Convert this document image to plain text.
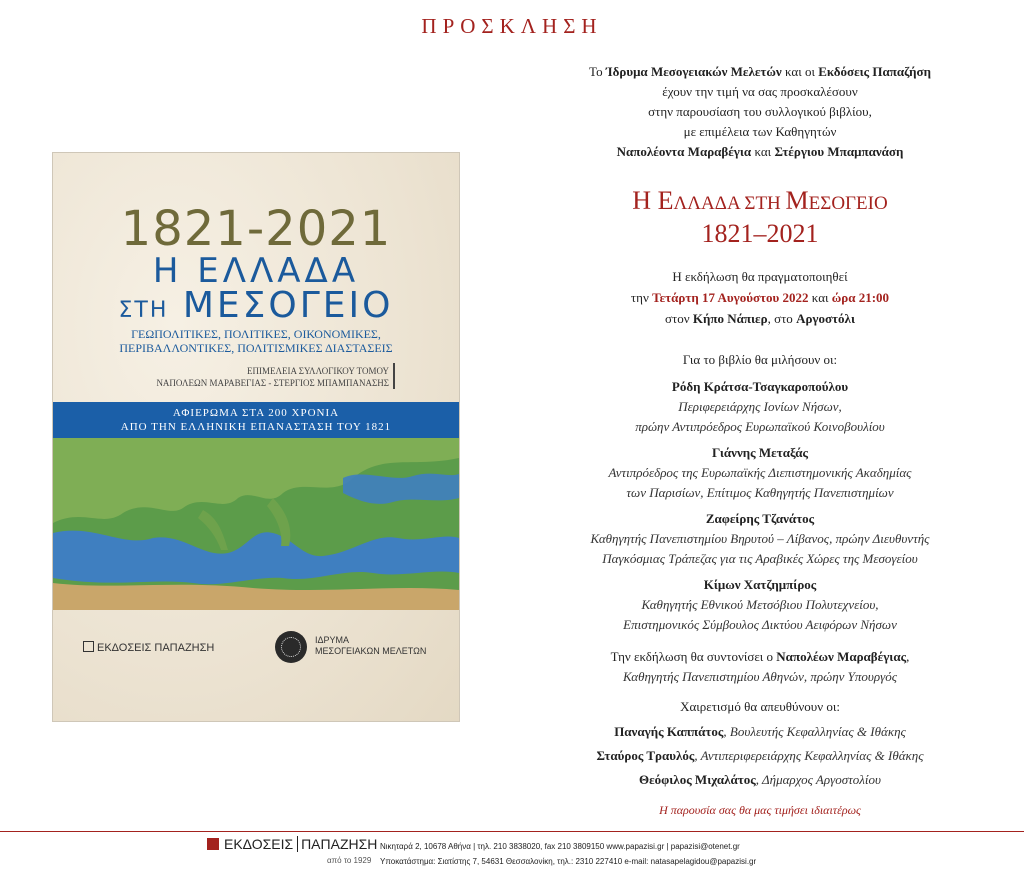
ΠΡΟΣΚΛΗΣΗ
1821-2021
Η ΕΛΛΑΔΑ
ΣΤΗ ΜΕΣΟΓΕΙΟ
ΓΕΩΠΟΛΙΤΙΚΕΣ, ΠΟΛΙΤΙΚΕΣ, ΟΙΚΟΝΟΜΙΚΕΣ,
ΠΕΡΙΒΑΛΛΟΝΤΙΚΕΣ, ΠΟΛΙΤΙΣΜΙΚΕΣ ΔΙΑΣΤΑΣΕΙΣ
ΕΠΙΜΕΛΕΙΑ ΣΥΛΛΟΓΙΚΟΥ ΤΟΜΟΥ
ΝΑΠΟΛΕΩΝ ΜΑΡΑΒΕΓΙΑΣ - ΣΤΕΡΓΙΟΣ ΜΠΑΜΠΑΝΑΣΗΣ
ΑΦΙΕΡΩΜΑ ΣΤΑ 200 ΧΡΟΝΙΑ
ΑΠΟ ΤΗΝ ΕΛΛΗΝΙΚΗ ΕΠΑΝΑΣΤΑΣΗ ΤΟΥ 1821
ΕΚΔΟΣΕΙΣ ΠΑΠΑΖΗΣΗ
ΙΔΡΥΜΑ
ΜΕΣΟΓΕΙΑΚΩΝ ΜΕΛΕΤΩΝ
Το Ίδρυμα Μεσογειακών Μελετών και οι Εκδόσεις Παπαζήση
έχουν την τιμή να σας προσκαλέσουν
στην παρουσίαση του συλλογικού βιβλίου,
με επιμέλεια των Καθηγητών
Ναπολέοντα Μαραβέγια και Στέργιου Μπαμπανάση
Η ΕΛΛΑΔΑ ΣΤΗ ΜΕΣΟΓΕΙΟ
1821–2021
Η εκδήλωση θα πραγματοποιηθεί
την Τετάρτη 17 Αυγούστου 2022 και ώρα 21:00
στον Κήπο Νάπιερ, στο Αργοστόλι
Για το βιβλίο θα μιλήσουν οι:
Ρόδη Κράτσα-Τσαγκαροπούλου
Περιφερειάρχης Ιονίων Νήσων,
πρώην Αντιπρόεδρος Ευρωπαϊκού Κοινοβουλίου
Γιάννης Μεταξάς
Αντιπρόεδρος της Ευρωπαϊκής Διεπιστημονικής Ακαδημίας
των Παρισίων, Επίτιμος Καθηγητής Πανεπιστημίων
Ζαφείρης Τζανάτος
Καθηγητής Πανεπιστημίου Βηρυτού – Λίβανος, πρώην Διευθυντής
Παγκόσμιας Τράπεζας για τις Αραβικές Χώρες της Μεσογείου
Κίμων Χατζημπίρος
Καθηγητής Εθνικού Μετσόβιου Πολυτεχνείου,
Επιστημονικός Σύμβουλος Δικτύου Αειφόρων Νήσων
Την εκδήλωση θα συντονίσει ο Ναπολέων Μαραβέγιας,
Καθηγητής Πανεπιστημίου Αθηνών, πρώην Υπουργός
Χαιρετισμό θα απευθύνουν οι:
Παναγής Καππάτος, Βουλευτής Κεφαλληνίας & Ιθάκης
Σταύρος Τραυλός, Αντιπεριφερειάρχης Κεφαλληνίας & Ιθάκης
Θεόφιλος Μιχαλάτος, Δήμαρχος Αργοστολίου
Η παρουσία σας θα μας τιμήσει ιδιαιτέρως
ΕΚΔΟΣΕΙΣ ΠΑΠΑΖΗΣΗ
από το 1929
Νικηταρά 2, 10678 Αθήνα | τηλ. 210 3838020, fax 210 3809150 www.papazisi.gr | papazisi@otenet.gr
Υποκατάστημα: Σιατίστης 7, 54631 Θεσσαλονίκη, τηλ.: 2310 227410 e-mail: natasapelagidou@papazisi.gr
